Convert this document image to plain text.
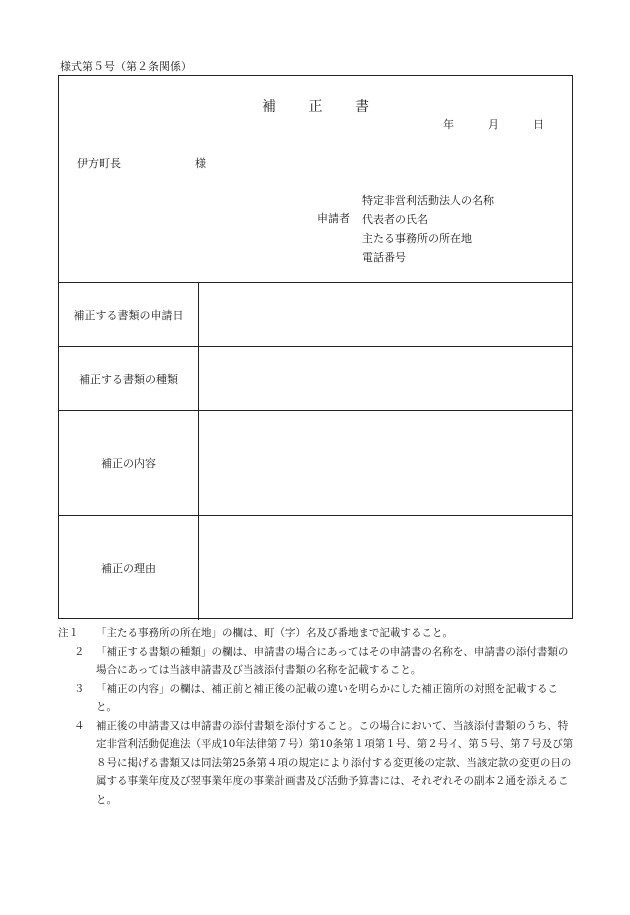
様式第５号（第２条関係）
補 正 書
年	月	日
伊方町長	様
申請者
特定非営利活動法人の名称
代表者の氏名
主たる事務所の所在地
電話番号
補正する書類の申請日
補正する書類の種類
補正の内容
補正の理由
注１ 「主たる事務所の所在地」の欄は、町（字）名及び番地まで記載すること。
２ 「補正する書類の種類」の欄は、申請書の場合にあってはその申請書の名称を、申請書の添付書類の場合にあっては当該申請書及び当該添付書類の名称を記載すること。
３ 「補正の内容」の欄は、補正前と補正後の記載の違いを明らかにした補正箇所の対照を記載すること。
４ 補正後の申請書又は申請書の添付書類を添付すること。この場合において、当該添付書類のうち、特定非営利活動促進法（平成10年法律第７号）第10条第１項第１号、第２号イ、第５号、第７号及び第８号に掲げる書類又は同法第25条第４項の規定により添付する変更後の定款、当該定款の変更の日の属する事業年度及び翌事業年度の事業計画書及び活動予算書には、それぞれその副本２通を添えること。
